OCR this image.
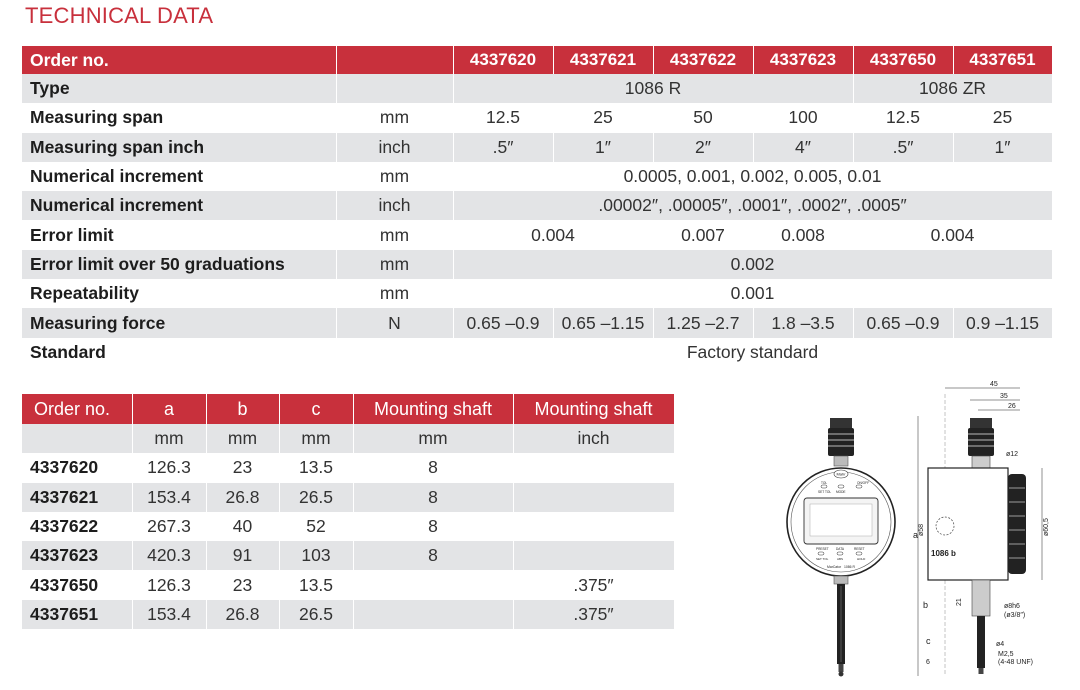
TECHNICAL DATA
Order no.		4337620	4337621	4337622	4337623	4337650	4337651
Type		1086 R				1086 ZR	
Measuring span	mm	12.5	25	50	100	12.5	25
Measuring span inch	inch	.5″	1″	2″	4″	.5″	1″
Numerical increment	mm	0.0005, 0.001, 0.002, 0.005, 0.01					
Numerical increment	inch	.00002″, .00005″, .0001″, .0002″, .0005″					
Error limit	mm	0.004		0.007	0.008	0.004	
Error limit over 50 graduations	mm	0.002					
Repeatability	mm	0.001					
Measuring force	N	0.65 –0.9	0.65 –1.15	1.25 –2.7	1.8 –3.5	0.65 –0.9	0.9 –1.15
Standard		Factory standard					
Order no.	a	b	c	Mounting shaft	Mounting shaft
	mm	mm	mm	mm	inch
4337620	126.3	23	13.5	8	
4337621	153.4	26.8	26.5	8	
4337622	267.3	40	52	8	
4337623	420.3	91	103	8	
4337650	126.3	23	13.5		.375″
4337651	153.4	26.8	26.5		.375″
Mahr
TOL	ON/OFF
SET TOL MODE
PRESET DATA	RESET
SET TOL	ABS	HOLD
MarCator 1086 R
45
35
26
ø12
1086 b
ø58	ø60,5
a
b
c
21
6
ø8h6
(ø3/8″)
ø4
M2,5
(4-48 UNF)
